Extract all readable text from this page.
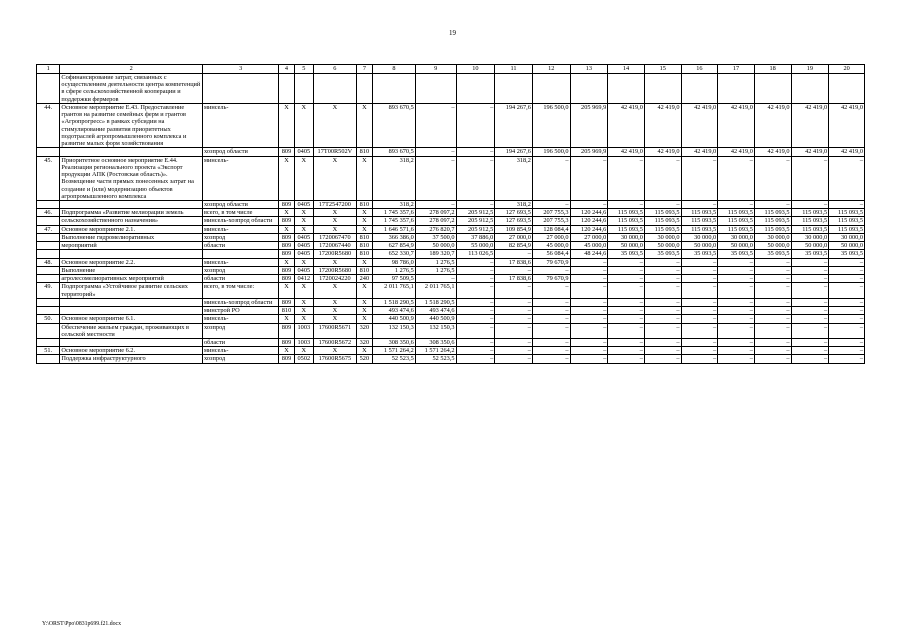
19
1	2	3	4	5	6	7	8	9	10	11	12	13	14	15	16	17	18	19	20
	Софинансирование затрат, связанных с осуществлением деятельности центра компетенций в сфере сельскохозяйственной кооперации и поддержки фермеров																		
44.	Основное мероприятие Е.43. Предоставление грантов на развитие семейных ферм и грантов «Агропрогресс» в рамках субсидии на стимулирование развития приоритетных подотраслей агропромышленного комплекса и развитие малых форм хозяйствования	минсель-	X	X	X	X	893 670,5	–	–	194 267,6	196 500,0	205 969,9	42 419,0	42 419,0	42 419,0	42 419,0	42 419,0	42 419,0	42 419,0
		хозпрод области	809	0405	17Т00R502V	810	893 670,5	–	–	194 267,6	196 500,0	205 969,9	42 419,0	42 419,0	42 419,0	42 419,0	42 419,0	42 419,0	42 419,0
45.	Приоритетное основное мероприятие Е.44. Реализация регионального проекта «Экспорт продукции АПК (Ростовская область)». Возмещение части прямых понесенных затрат на создание и (или) модернизацию объектов агропромышленного комплекса	минсель-	X	X	X	X	318,2	–	–	318,2	–	–	–	–	–	–	–	–	–
		хозпрод области	809	0405	17Т2547200	810	318,2	–	–	318,2	–	–	–	–	–	–	–	–	–
46.	Подпрограмма «Развитие мелиорации земель	всего, в том числе	X	X	X	X	1 745 357,6	278 097,2	205 912,5	127 693,5	207 755,3	120 244,6	115 093,5	115 093,5	115 093,5	115 093,5	115 093,5	115 093,5	115 093,5
	сельскохозяйственного назначения»	минсель-хозпрод области	809	X	X	X	1 745 357,6	278 097,2	205 912,5	127 693,5	207 755,3	120 244,6	115 093,5	115 093,5	115 093,5	115 093,5	115 093,5	115 093,5	115 093,5
47.	Основное мероприятие 2.1.	минсель-	X	X	X	X	1 646 571,6	276 820,7	205 912,5	109 854,9	128 084,4	120 244,6	115 093,5	115 093,5	115 093,5	115 093,5	115 093,5	115 093,5	115 093,5
	Выполнение гидромелиоративных	хозпрод	809	0405	1720067470	810	366 386,0	37 500,0	37 886,0	27 000,0	27 000,0	27 000,0	30 000,0	30 000,0	30 000,0	30 000,0	30 000,0	30 000,0	30 000,0
	мероприятий	области	809	0405	1720067440	810	627 854,9	50 000,0	55 000,0	82 854,9	45 000,0	45 000,0	50 000,0	50 000,0	50 000,0	50 000,0	50 000,0	50 000,0	50 000,0
			809	0405	17200R5680	810	652 330,7	189 320,7	113 026,5	–	56 084,4	48 244,6	35 093,5	35 093,5	35 093,5	35 093,5	35 093,5	35 093,5	35 093,5
48.	Основное мероприятие 2.2.	минсель-	X	X	X	X	98 786,0	1 276,5	–	17 838,6	79 670,9	–	–	–	–	–	–	–	–
	Выполнение	хозпрод	809	0405	17200R5680	810	1 276,5	1 276,5	–	–	–	–	–	–	–	–	–	–	–
	агролесомелиоративных мероприятий	области	809	0412	1720024220	240	97 509,5	–	–	17 838,6	79 670,9	–	–	–	–	–	–	–	–
49.	Подпрограмма «Устойчивое развитие сельских территорий»	всего, в том числе:	X	X	X	X	2 011 765,1	2 011 765,1	–	–	–	–	–	–	–	–	–	–	–
		минсель-хозпрод области	809	X	X	X	1 518 290,5	1 518 290,5	–	–	–	–	–	–	–	–	–	–	–
		минстрой РО	810	X	X	X	493 474,6	493 474,6	–	–	–	–	–	–	–	–	–	–	–
50.	Основное мероприятие 6.1.	минсель-	X	X	X	X	440 500,9	440 500,9	–	–	–	–	–	–	–	–	–	–	–
	Обеспечение жильем граждан, проживающих в сельской местности	хозпрод	809	1003	17600R5671	320	132 150,3	132 150,3	–	–	–	–	–	–	–	–	–	–	–
		области	809	1003	17600R5672	320	308 350,6	308 350,6	–	–	–	–	–	–	–	–	–	–	–
51.	Основное мероприятие 6.2.	минсель-	X	X	X	X	1 571 264,2	1 571 264,2	–	–	–	–	–	–	–	–	–	–	–
	Поддержка инфраструктурного	хозпрод	809	0502	17600R5675	520	52 523,5	52 523,5	–	–	–	–	–	–	–	–	–	–	–
Y:\ORST\Ppo\0831p699.f21.docx
